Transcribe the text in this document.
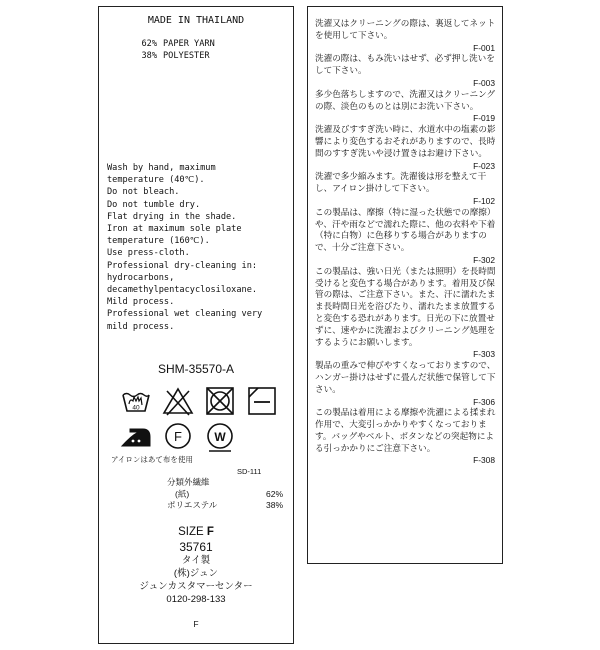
MADE IN THAILAND
62% PAPER YARN
38% POLYESTER
Wash by hand, maximum
temperature (40℃).
Do not bleach.
Do not tumble dry.
Flat drying in the shade.
Iron at maximum sole plate
temperature (160℃).
Use press-cloth.
Professional dry-cleaning in:
hydrocarbons,
decamethylpentacyclosiloxane.
Mild process.
Professional wet cleaning very
mild process.
SHM-35570-A
40
F	W
アイロンはあて布を使用
SD-111
分類外繊維
(紙)	62%
ポリエステル	38%
SIZE F
35761
タイ製
(株)ジュン
ジュンカスタマーセンター
0120-298-133
F
洗濯又はクリーニングの際は、裏返してネットを使用して下さい。
F-001
洗濯の際は、もみ洗いはせず、必ず押し洗いをして下さい。
F-003
多少色落ちしますので、洗濯又はクリーニングの際、淡色のものとは別にお洗い下さい。
F-019
洗濯及びすすぎ洗い時に、水道水中の塩素の影響により変色するおそれがありますので、長時間のすすぎ洗いや浸け置きはお避け下さい。
F-023
洗濯で多少縮みます。洗濯後は形を整えて干し、アイロン掛けして下さい。
F-102
この製品は、摩擦（特に湿った状態での摩擦）や、汗や雨などで濡れた際に、他の衣料や下着（特に白物）に色移りする場合がありますので、十分ご注意下さい。
F-302
この製品は、強い日光（または照明）を長時間受けると変色する場合があります。着用及び保管の際は、ご注意下さい。また、汗に濡れたまま長時間日光を浴びたり、濡れたまま放置すると変色する恐れがあります。日光の下に放置せずに、速やかに洗濯およびクリーニング処理をするようにお願いします。
F-303
製品の重みで伸びやすくなっておりますので、ハンガー掛けはせずに畳んだ状態で保管して下さい。
F-306
この製品は着用による摩擦や洗濯による揉まれ作用で、大変引っかかりやすくなっております。バッグやベルト、ボタンなどの突起物による引っかかりにご注意下さい。
F-308
